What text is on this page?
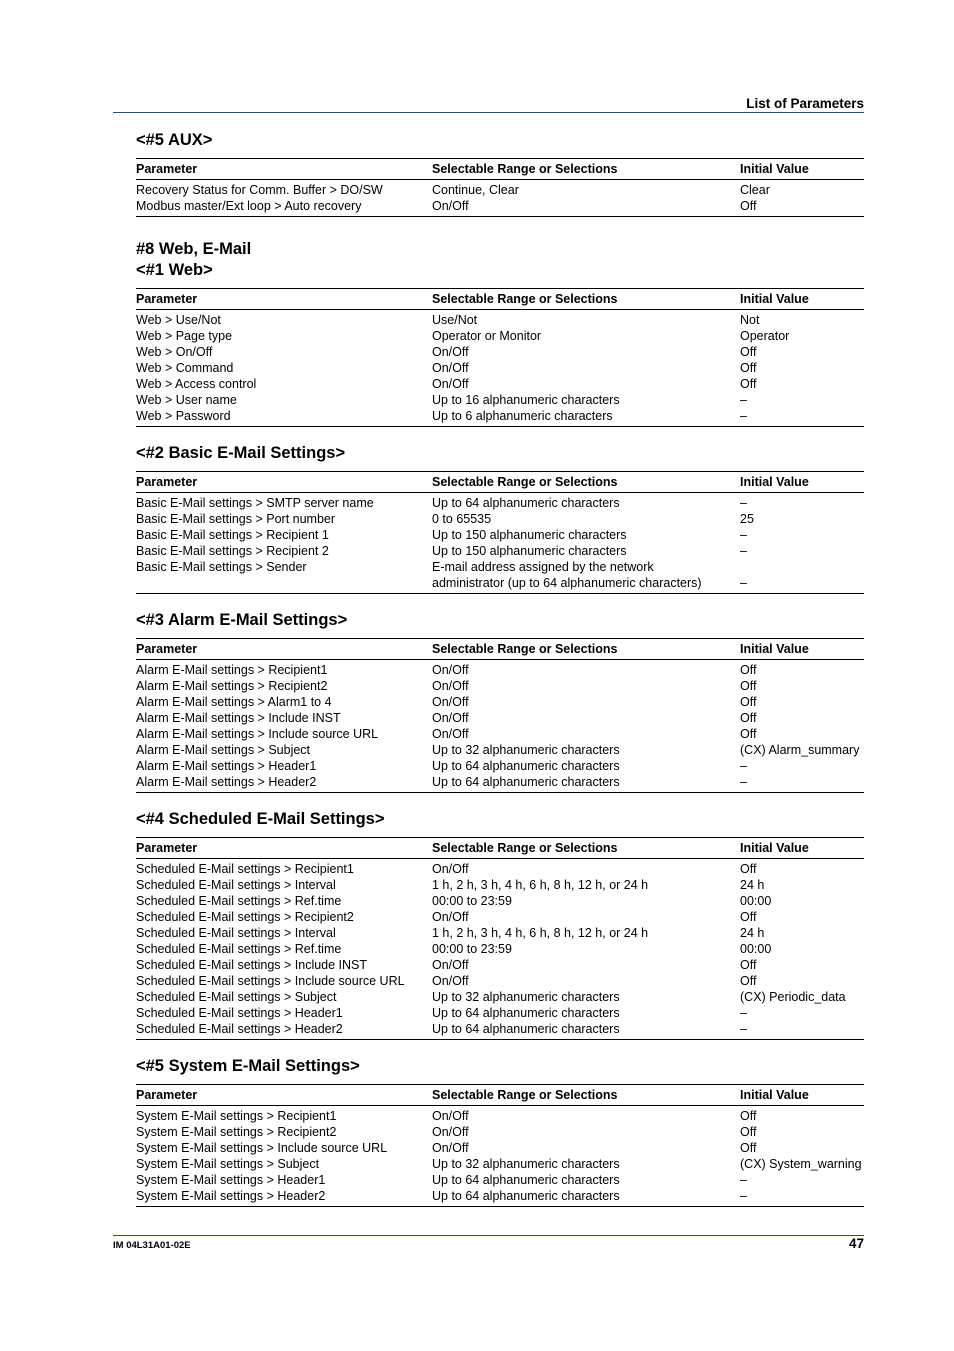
List of Parameters
<#5 AUX>
Parameter	Selectable Range or Selections	Initial Value
Recovery Status for Comm. Buffer > DO/SW	Continue, Clear	Clear
Modbus master/Ext loop > Auto recovery	On/Off	Off
#8 Web, E-Mail
<#1 Web>
Parameter	Selectable Range or Selections	Initial Value
Web > Use/Not	Use/Not	Not
Web > Page type	Operator or Monitor	Operator
Web > On/Off	On/Off	Off
Web > Command	On/Off	Off
Web > Access control	On/Off	Off
Web > User name	Up to 16 alphanumeric characters	–
Web > Password	Up to 6 alphanumeric characters	–
<#2 Basic E-Mail Settings>
Parameter	Selectable Range or Selections	Initial Value
Basic E-Mail settings > SMTP server name	Up to 64 alphanumeric characters	–
Basic E-Mail settings > Port number	0 to 65535	25
Basic E-Mail settings > Recipient 1	Up to 150 alphanumeric characters	–
Basic E-Mail settings > Recipient 2	Up to 150 alphanumeric characters	–
Basic E-Mail settings > Sender	E-mail address assigned by the network	
	administrator (up to 64 alphanumeric characters)	–
<#3 Alarm E-Mail Settings>
Parameter	Selectable Range or Selections	Initial Value
Alarm E-Mail settings > Recipient1	On/Off	Off
Alarm E-Mail settings > Recipient2	On/Off	Off
Alarm E-Mail settings > Alarm1 to 4	On/Off	Off
Alarm E-Mail settings > Include INST	On/Off	Off
Alarm E-Mail settings > Include source URL	On/Off	Off
Alarm E-Mail settings > Subject	Up to 32 alphanumeric characters	(CX) Alarm_summary
Alarm E-Mail settings > Header1	Up to 64 alphanumeric characters	–
Alarm E-Mail settings > Header2	Up to 64 alphanumeric characters	–
<#4 Scheduled E-Mail Settings>
Parameter	Selectable Range or Selections	Initial Value
Scheduled E-Mail settings > Recipient1	On/Off	Off
Scheduled E-Mail settings > Interval	1 h, 2 h, 3 h, 4 h, 6 h, 8 h, 12 h, or 24 h	24 h
Scheduled E-Mail settings > Ref.time	00:00 to 23:59	00:00
Scheduled E-Mail settings > Recipient2	On/Off	Off
Scheduled E-Mail settings > Interval	1 h, 2 h, 3 h, 4 h, 6 h, 8 h, 12 h, or 24 h	24 h
Scheduled E-Mail settings > Ref.time	00:00 to 23:59	00:00
Scheduled E-Mail settings > Include INST	On/Off	Off
Scheduled E-Mail settings > Include source URL	On/Off	Off
Scheduled E-Mail settings > Subject	Up to 32 alphanumeric characters	(CX) Periodic_data
Scheduled E-Mail settings > Header1	Up to 64 alphanumeric characters	–
Scheduled E-Mail settings > Header2	Up to 64 alphanumeric characters	–
<#5 System E-Mail Settings>
Parameter	Selectable Range or Selections	Initial Value
System E-Mail settings > Recipient1	On/Off	Off
System E-Mail settings > Recipient2	On/Off	Off
System E-Mail settings > Include source URL	On/Off	Off
System E-Mail settings > Subject	Up to 32 alphanumeric characters	(CX) System_warning
System E-Mail settings > Header1	Up to 64 alphanumeric characters	–
System E-Mail settings > Header2	Up to 64 alphanumeric characters	–
IM 04L31A01-02E	47
